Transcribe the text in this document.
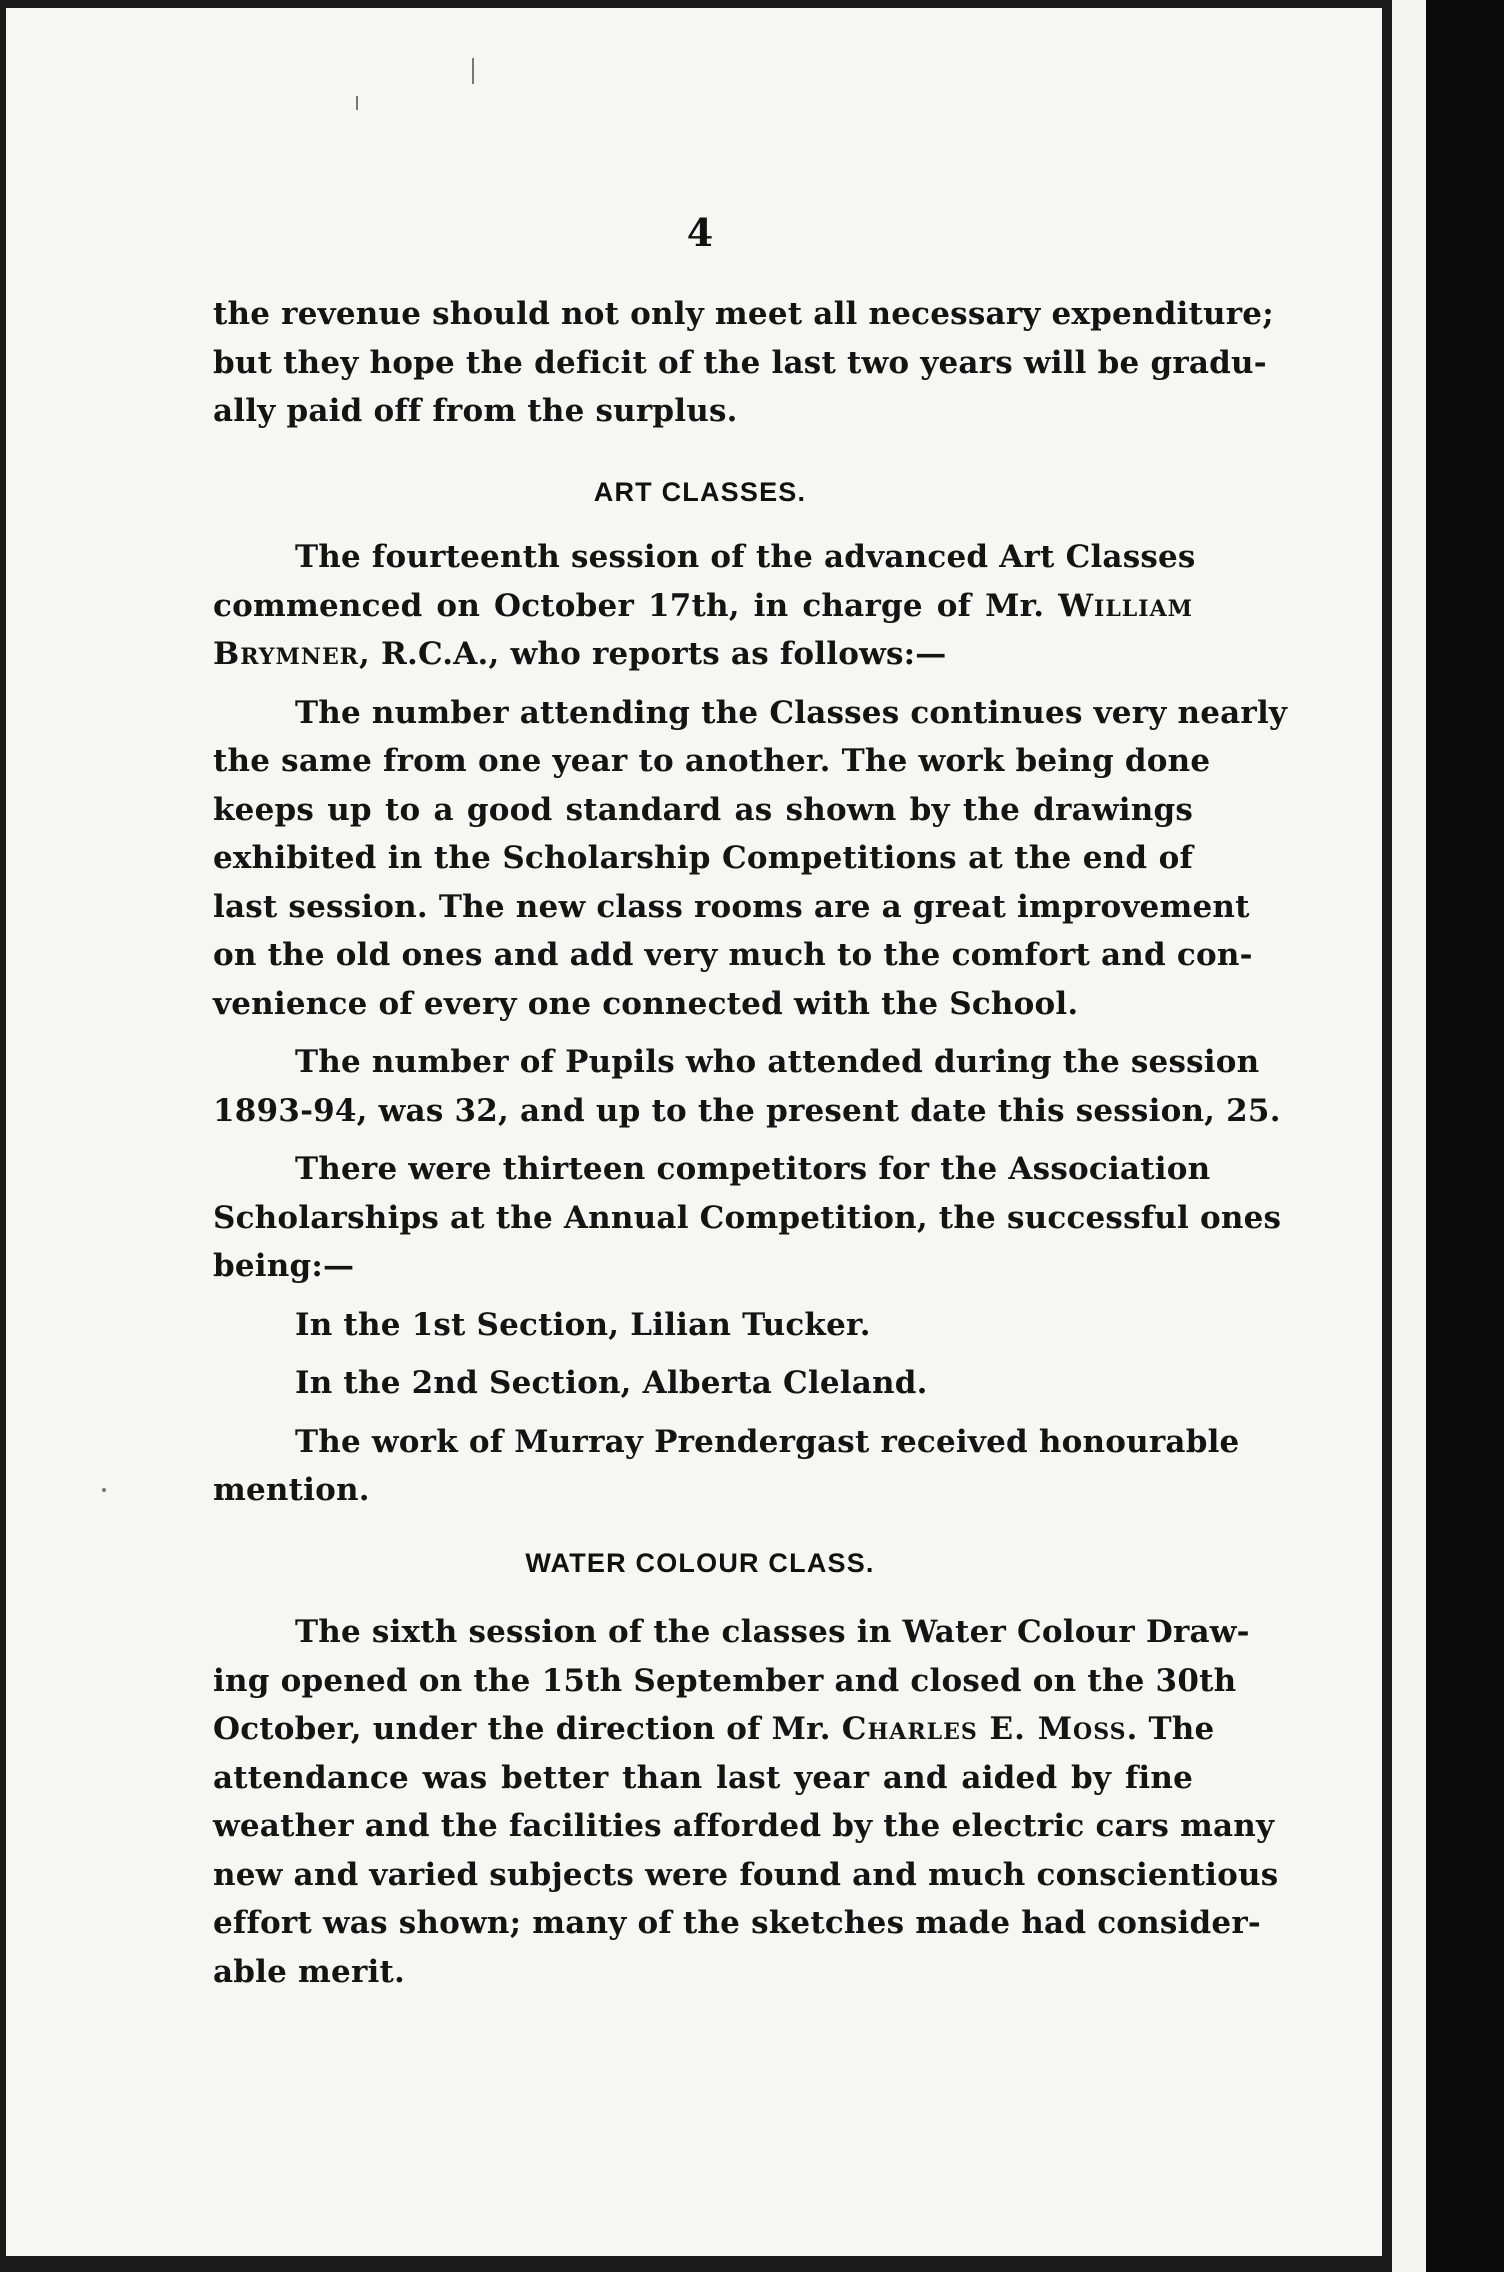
4
the revenue should not only meet all necessary expenditure;
but they hope the deficit of the last two years will be gradu-
ally paid off from the surplus.
ART CLASSES.
The fourteenth session of the advanced Art Classes
commenced on October 17th, in charge of Mr. William
Brymner, R.C.A., who reports as follows:—
The number attending the Classes continues very nearly
the same from one year to another. The work being done
keeps up to a good standard as shown by the drawings
exhibited in the Scholarship Competitions at the end of
last session. The new class rooms are a great improvement
on the old ones and add very much to the comfort and con-
venience of every one connected with the School.
The number of Pupils who attended during the session
1893-94, was 32, and up to the present date this session, 25.
There were thirteen competitors for the Association
Scholarships at the Annual Competition, the successful ones
being:—
In the 1st Section, Lilian Tucker.
In the 2nd Section, Alberta Cleland.
The work of Murray Prendergast received honourable
mention.
WATER COLOUR CLASS.
The sixth session of the classes in Water Colour Draw-
ing opened on the 15th September and closed on the 30th
October, under the direction of Mr. Charles E. Moss. The
attendance was better than last year and aided by fine
weather and the facilities afforded by the electric cars many
new and varied subjects were found and much conscientious
effort was shown; many of the sketches made had consider-
able merit.
